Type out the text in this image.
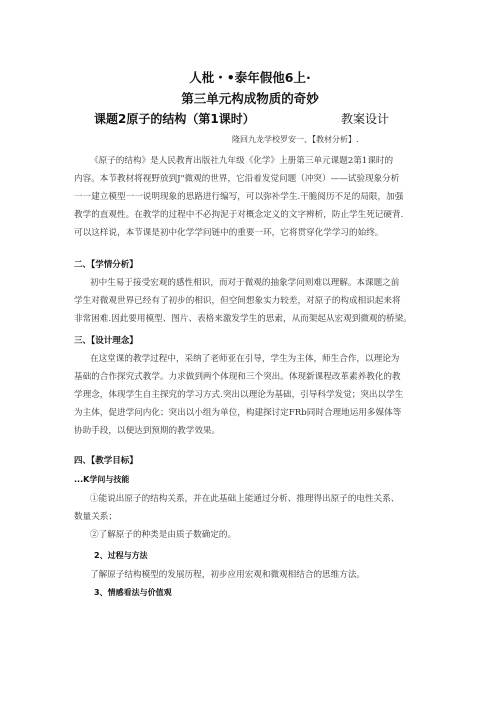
人枇・•泰年假他6上·
第三单元构成物质的奇妙
课题2原子的结构（第1课时）	教案设计
隆回九龙学校罗安一、【教材分析】.
《原子的结构》是人民教育出版社九年级《化学》上册第三单元课题2第1课时的
内容。本节教材将视野放到J"微观的世界，它沿着发觉问题（冲突）——试验现象分析
一一建立模型一一说明现象的思路进行编写，可以弥补学生.干脆阅历不足的局限，加强
教学的直观性。在教学的过程中不必拘泥于对概念定义的文字辨析，防止学生死记硬背.
可以这样说，本节课是初中化学学问链中的重要一环，它将贯穿化学学习的始终。
二、【学情分析】
初中生易于接受宏观的感性相识，而对于微观的抽象学问则难以理解。本课题之前
学生对微观世界已经有了初步的相识，但空间想象实力较差，对原子的构成相识起来将
非常困难.因此要用模型、图片、表格来激发学生的思索，从而架起从宏观到微观的桥梁。
三、【设计理念】
在这堂课的教学过程中，采纳了老师亚在引导，学生为主体，师生合作，以理论为
基础的合作探究式教学。力求做到两个体现和三个突出。体现新课程改革素养教化的教
学理念，体现学生自主探究的学习方式.突出以理论为基础，引导科学发觉；突出以学生
为主体，促进学问内化；突出以小组为单位，构建探讨定FRb同时合理地运用多媒体等
协助手段，以便达到预期的教学效果。
四、【教学目标】
...K学问与技能
①能说出原子的结构关系，并在此基础上能通过分析、推理得出原子的电性关系、
数量关系；
②了解原子的种类是由质子数确定的。
2、过程与方法
了解原子结构模型的发展历程，初步应用宏观和微观相结合的思维方法。
3、情感看法与价值观
